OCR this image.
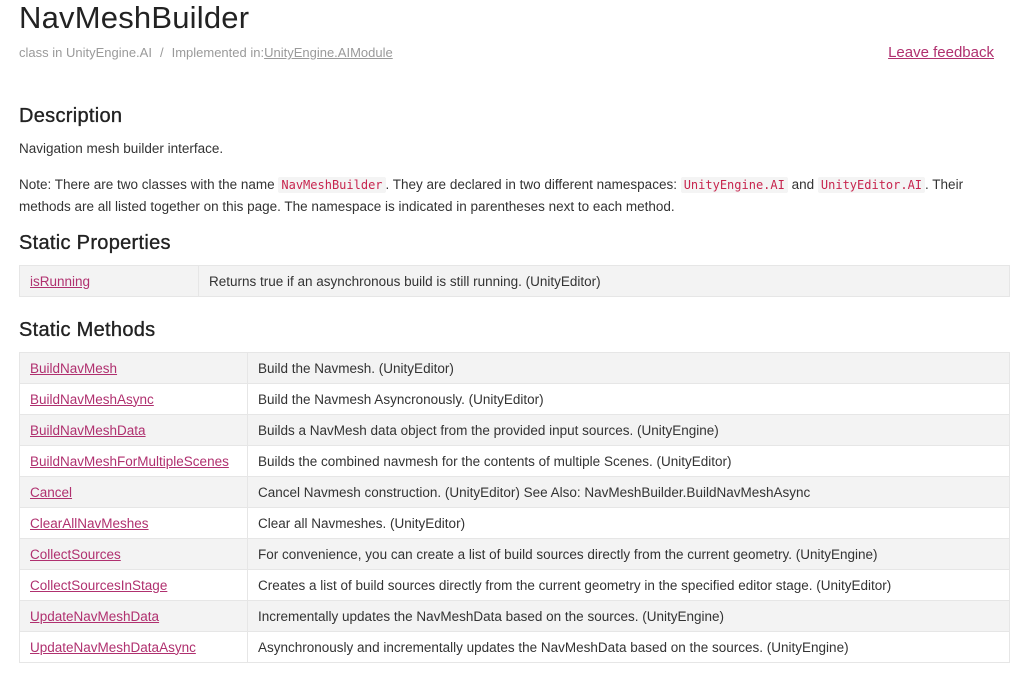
NavMeshBuilder
class in UnityEngine.AI / Implemented in:UnityEngine.AIModule	Leave feedback
Description
Navigation mesh builder interface.
Note: There are two classes with the name NavMeshBuilder . They are declared in two different namespaces: UnityEngine.AI and UnityEditor.AI . Their methods are all listed together on this page. The namespace is indicated in parentheses next to each method.
Static Properties
isRunning	Returns true if an asynchronous build is still running. (UnityEditor)
Static Methods
BuildNavMesh	Build the Navmesh. (UnityEditor)
BuildNavMeshAsync	Build the Navmesh Asyncronously. (UnityEditor)
BuildNavMeshData	Builds a NavMesh data object from the provided input sources. (UnityEngine)
BuildNavMeshForMultipleScenes	Builds the combined navmesh for the contents of multiple Scenes. (UnityEditor)
Cancel	Cancel Navmesh construction. (UnityEditor) See Also: NavMeshBuilder.BuildNavMeshAsync
ClearAllNavMeshes	Clear all Navmeshes. (UnityEditor)
CollectSources	For convenience, you can create a list of build sources directly from the current geometry. (UnityEngine)
CollectSourcesInStage	Creates a list of build sources directly from the current geometry in the specified editor stage. (UnityEditor)
UpdateNavMeshData	Incrementally updates the NavMeshData based on the sources. (UnityEngine)
UpdateNavMeshDataAsync	Asynchronously and incrementally updates the NavMeshData based on the sources. (UnityEngine)
